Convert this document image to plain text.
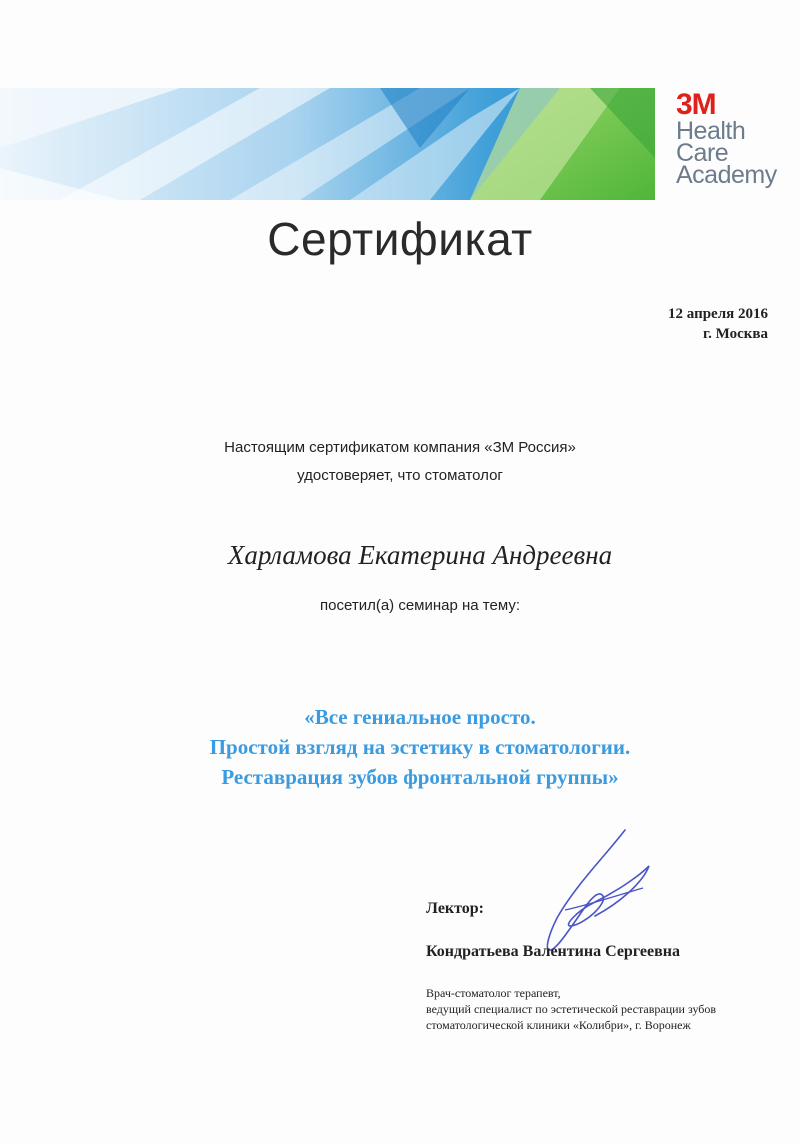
3M
Health
Care
Academy
Сертификат
12 апреля 2016
г. Москва
Настоящим сертификатом компания «ЗМ Россия»
удостоверяет, что стоматолог
Харламова Екатерина Андреевна
посетил(а) семинар на тему:
«Все гениальное просто.
Простой взгляд на эстетику в стоматологии.
Реставрация зубов фронтальной группы»
Лектор:
Кондратьева Валентина Сергеевна
Врач-стоматолог терапевт,
ведущий специалист по эстетической реставрации зубов
стоматологической клиники «Колибри», г. Воронеж
